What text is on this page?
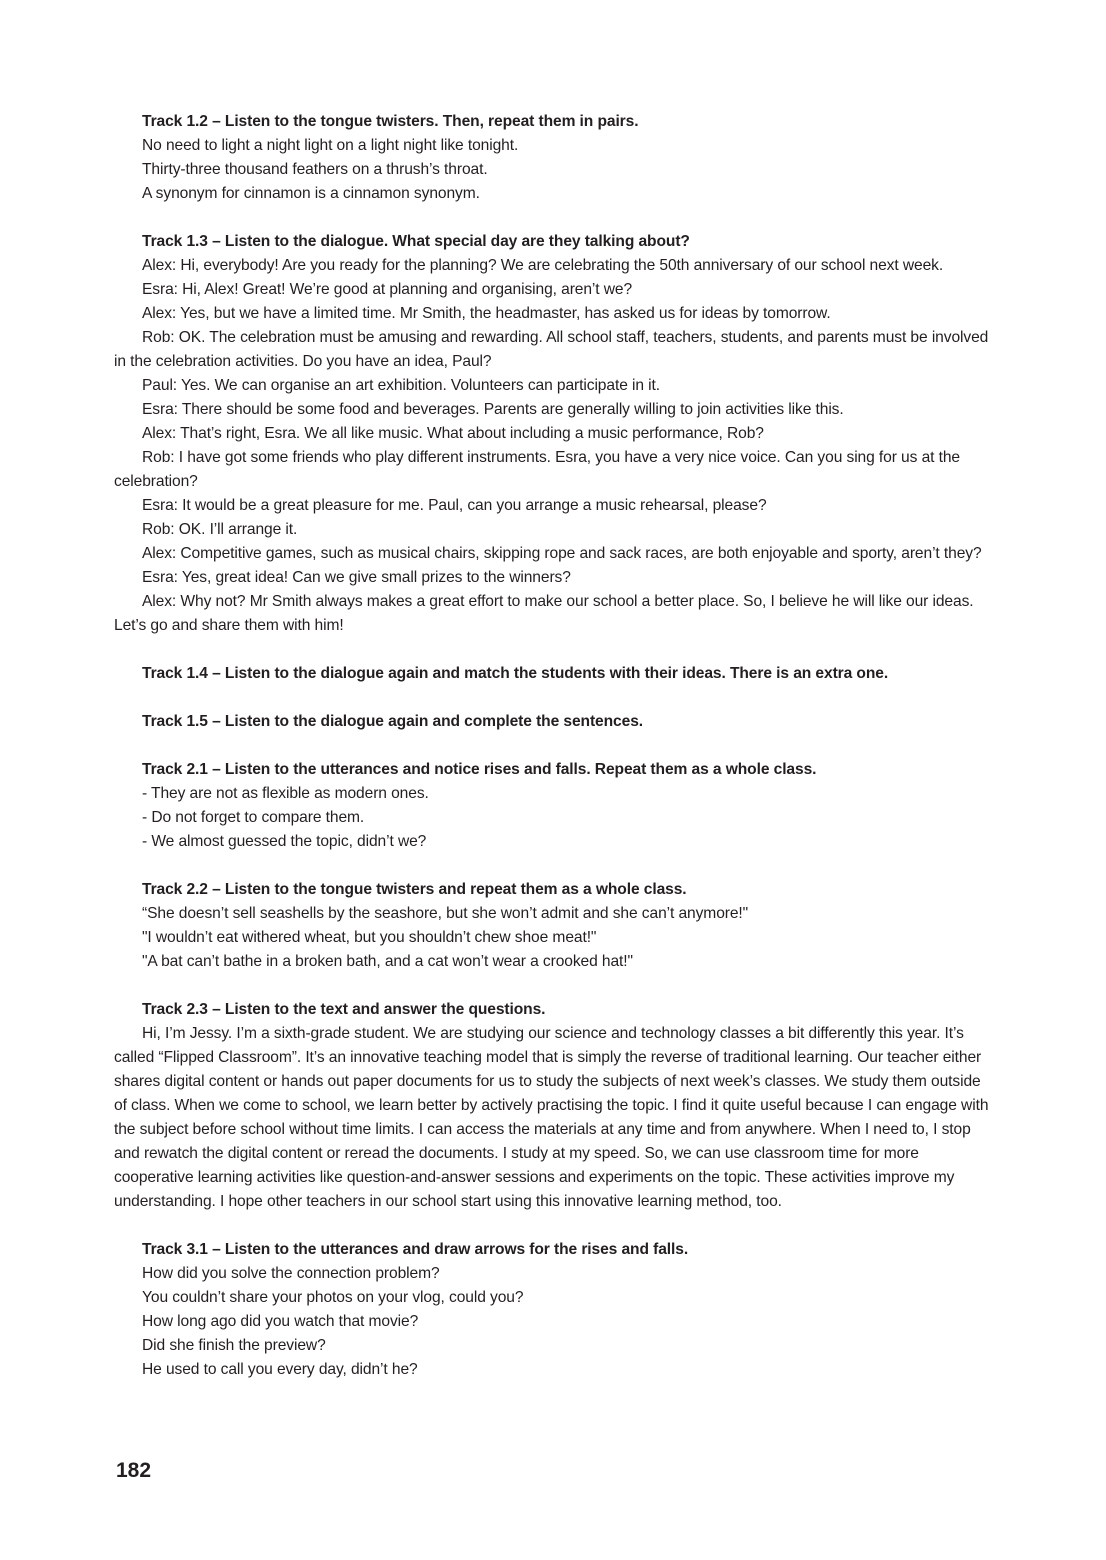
Track 1.2 – Listen to the tongue twisters. Then, repeat them in pairs.
No need to light a night light on a light night like tonight.
Thirty-three thousand feathers on a thrush’s throat.
A synonym for cinnamon is a cinnamon synonym.
Track 1.3 – Listen to the dialogue. What special day are they talking about?
Alex: Hi, everybody! Are you ready for the planning? We are celebrating the 50th anniversary of our school next week.
Esra: Hi, Alex! Great! We’re good at planning and organising, aren’t we?
Alex: Yes, but we have a limited time. Mr Smith, the headmaster, has asked us for ideas by tomorrow.
Rob: OK. The celebration must be amusing and rewarding. All school staff, teachers, students, and parents must be involved in the celebration activities. Do you have an idea, Paul?
Paul: Yes. We can organise an art exhibition. Volunteers can participate in it.
Esra: There should be some food and beverages. Parents are generally willing to join activities like this.
Alex: That’s right, Esra. We all like music. What about including a music performance, Rob?
Rob: I have got some friends who play different instruments. Esra, you have a very nice voice. Can you sing for us at the celebration?
Esra: It would be a great pleasure for me. Paul, can you arrange a music rehearsal, please?
Rob: OK. I’ll arrange it.
Alex: Competitive games, such as musical chairs, skipping rope and sack races, are both enjoyable and sporty, aren’t they?
Esra: Yes, great idea! Can we give small prizes to the winners?
Alex: Why not? Mr Smith always makes a great effort to make our school a better place. So, I believe he will like our ideas. Let’s go and share them with him!
Track 1.4 – Listen to the dialogue again and match the students with their ideas. There is an extra one.
Track 1.5 – Listen to the dialogue again and complete the sentences.
Track 2.1 – Listen to the utterances and notice rises and falls. Repeat them as a whole class.
- They are not as flexible as modern ones.
- Do not forget to compare them.
- We almost guessed the topic, didn’t we?
Track 2.2 – Listen to the tongue twisters and repeat them as a whole class.
“She doesn’t sell seashells by the seashore, but she won’t admit and she can’t anymore!"
"I wouldn’t eat withered wheat, but you shouldn’t chew shoe meat!"
"A bat can’t bathe in a broken bath, and a cat won’t wear a crooked hat!"
Track 2.3 – Listen to the text and answer the questions.
Hi, I’m Jessy. I’m a sixth-grade student. We are studying our science and technology classes a bit differently this year. It’s called “Flipped Classroom”. It’s an innovative teaching model that is simply the reverse of traditional learning. Our teacher either shares digital content or hands out paper documents for us to study the subjects of next week’s classes. We study them outside of class. When we come to school, we learn better by actively practising the topic. I find it quite useful because I can engage with the subject before school without time limits. I can access the materials at any time and from anywhere. When I need to, I stop and rewatch the digital content or reread the documents. I study at my speed. So, we can use classroom time for more cooperative learning activities like question-and-answer sessions and experiments on the topic. These activities improve my understanding. I hope other teachers in our school start using this innovative learning method, too.
Track 3.1 – Listen to the utterances and draw arrows for the rises and falls.
How did you solve the connection problem?
You couldn’t share your photos on your vlog, could you?
How long ago did you watch that movie?
Did she finish the preview?
He used to call you every day, didn’t he?
182
